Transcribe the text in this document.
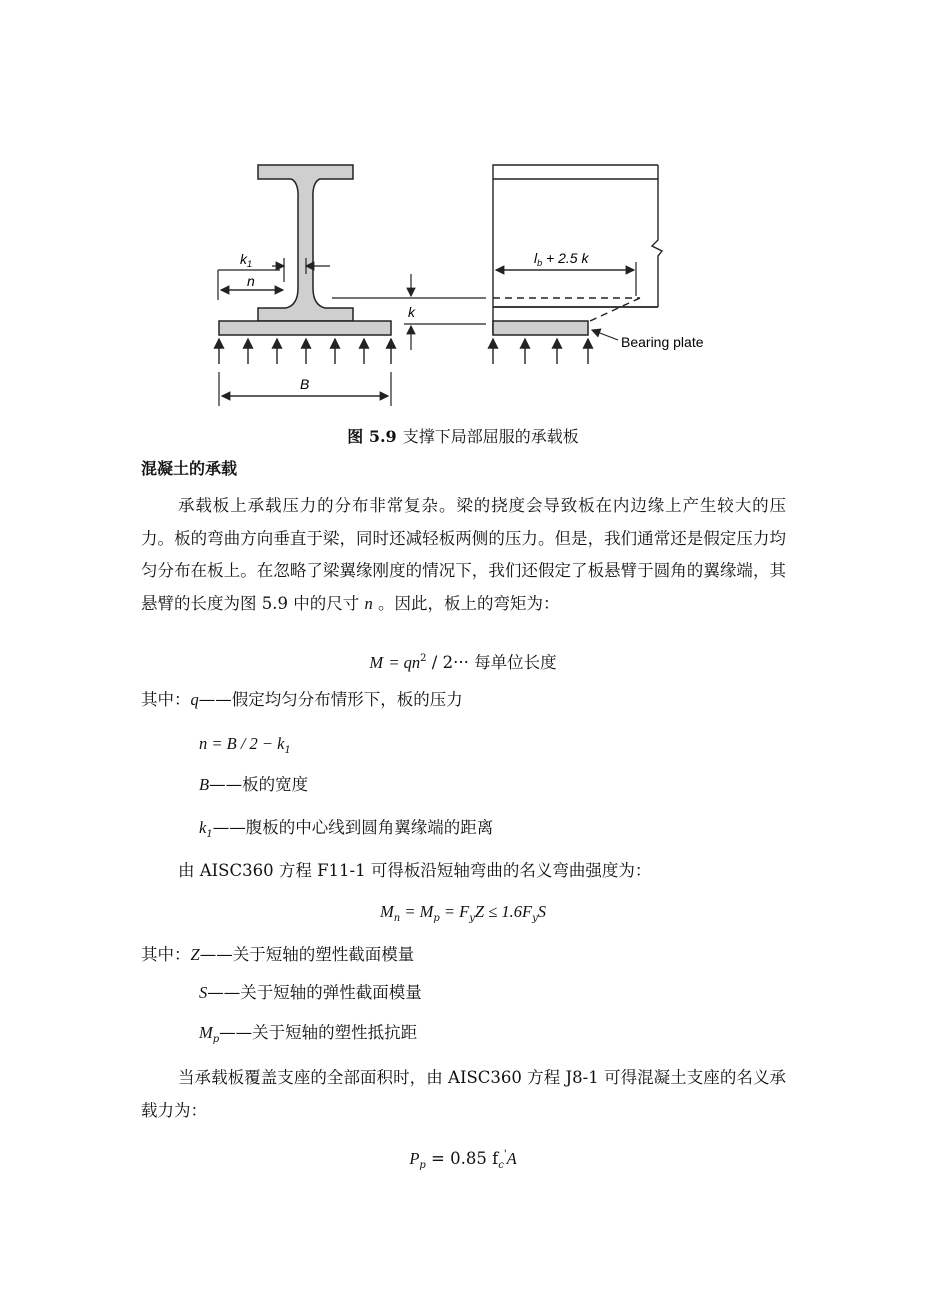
B
$k_1$
n
k
$l_b + 2.5$ k
Bearing plate
图 5.9 支撑下局部屈服的承载板
混凝土的承载

承载板上承载压力的分布非常复杂。梁的挠度会导致板在内边缘上产生较大的压力。板的弯曲方向垂直于梁，同时还减轻板两侧的压力。但是，我们通常还是假定压力均匀分布在板上。在忽略了梁翼缘刚度的情况下，我们还假定了板悬臂于圆角的翼缘端，其悬臂的长度为图 5.9 中的尺寸 n 。因此，板上的弯矩为：

$M = qn^2 / 2\cdot\cdot\cdot$ 每单位长度
其中：q——假定均匀分布情形下，板的压力
$n = B / 2 - k_1$
B——板的宽度
$k_1——$腹板的中心线到圆角翼缘端的距离
由 AISC360 方程 F11-1 可得板沿短轴弯曲的名义弯曲强度为：
$M_n = M_p = F_yZ \le 1.6F_yS$
其中：Z——关于短轴的塑性截面模量
S——关于短轴的弹性截面模量
$M_p——$关于短轴的塑性抵抗距

当承载板覆盖支座的全部面积时，由 AISC360 方程 J8-1 可得混凝土支座的名义承载力为：

$P_p = 0.85$ $f_c'A$
